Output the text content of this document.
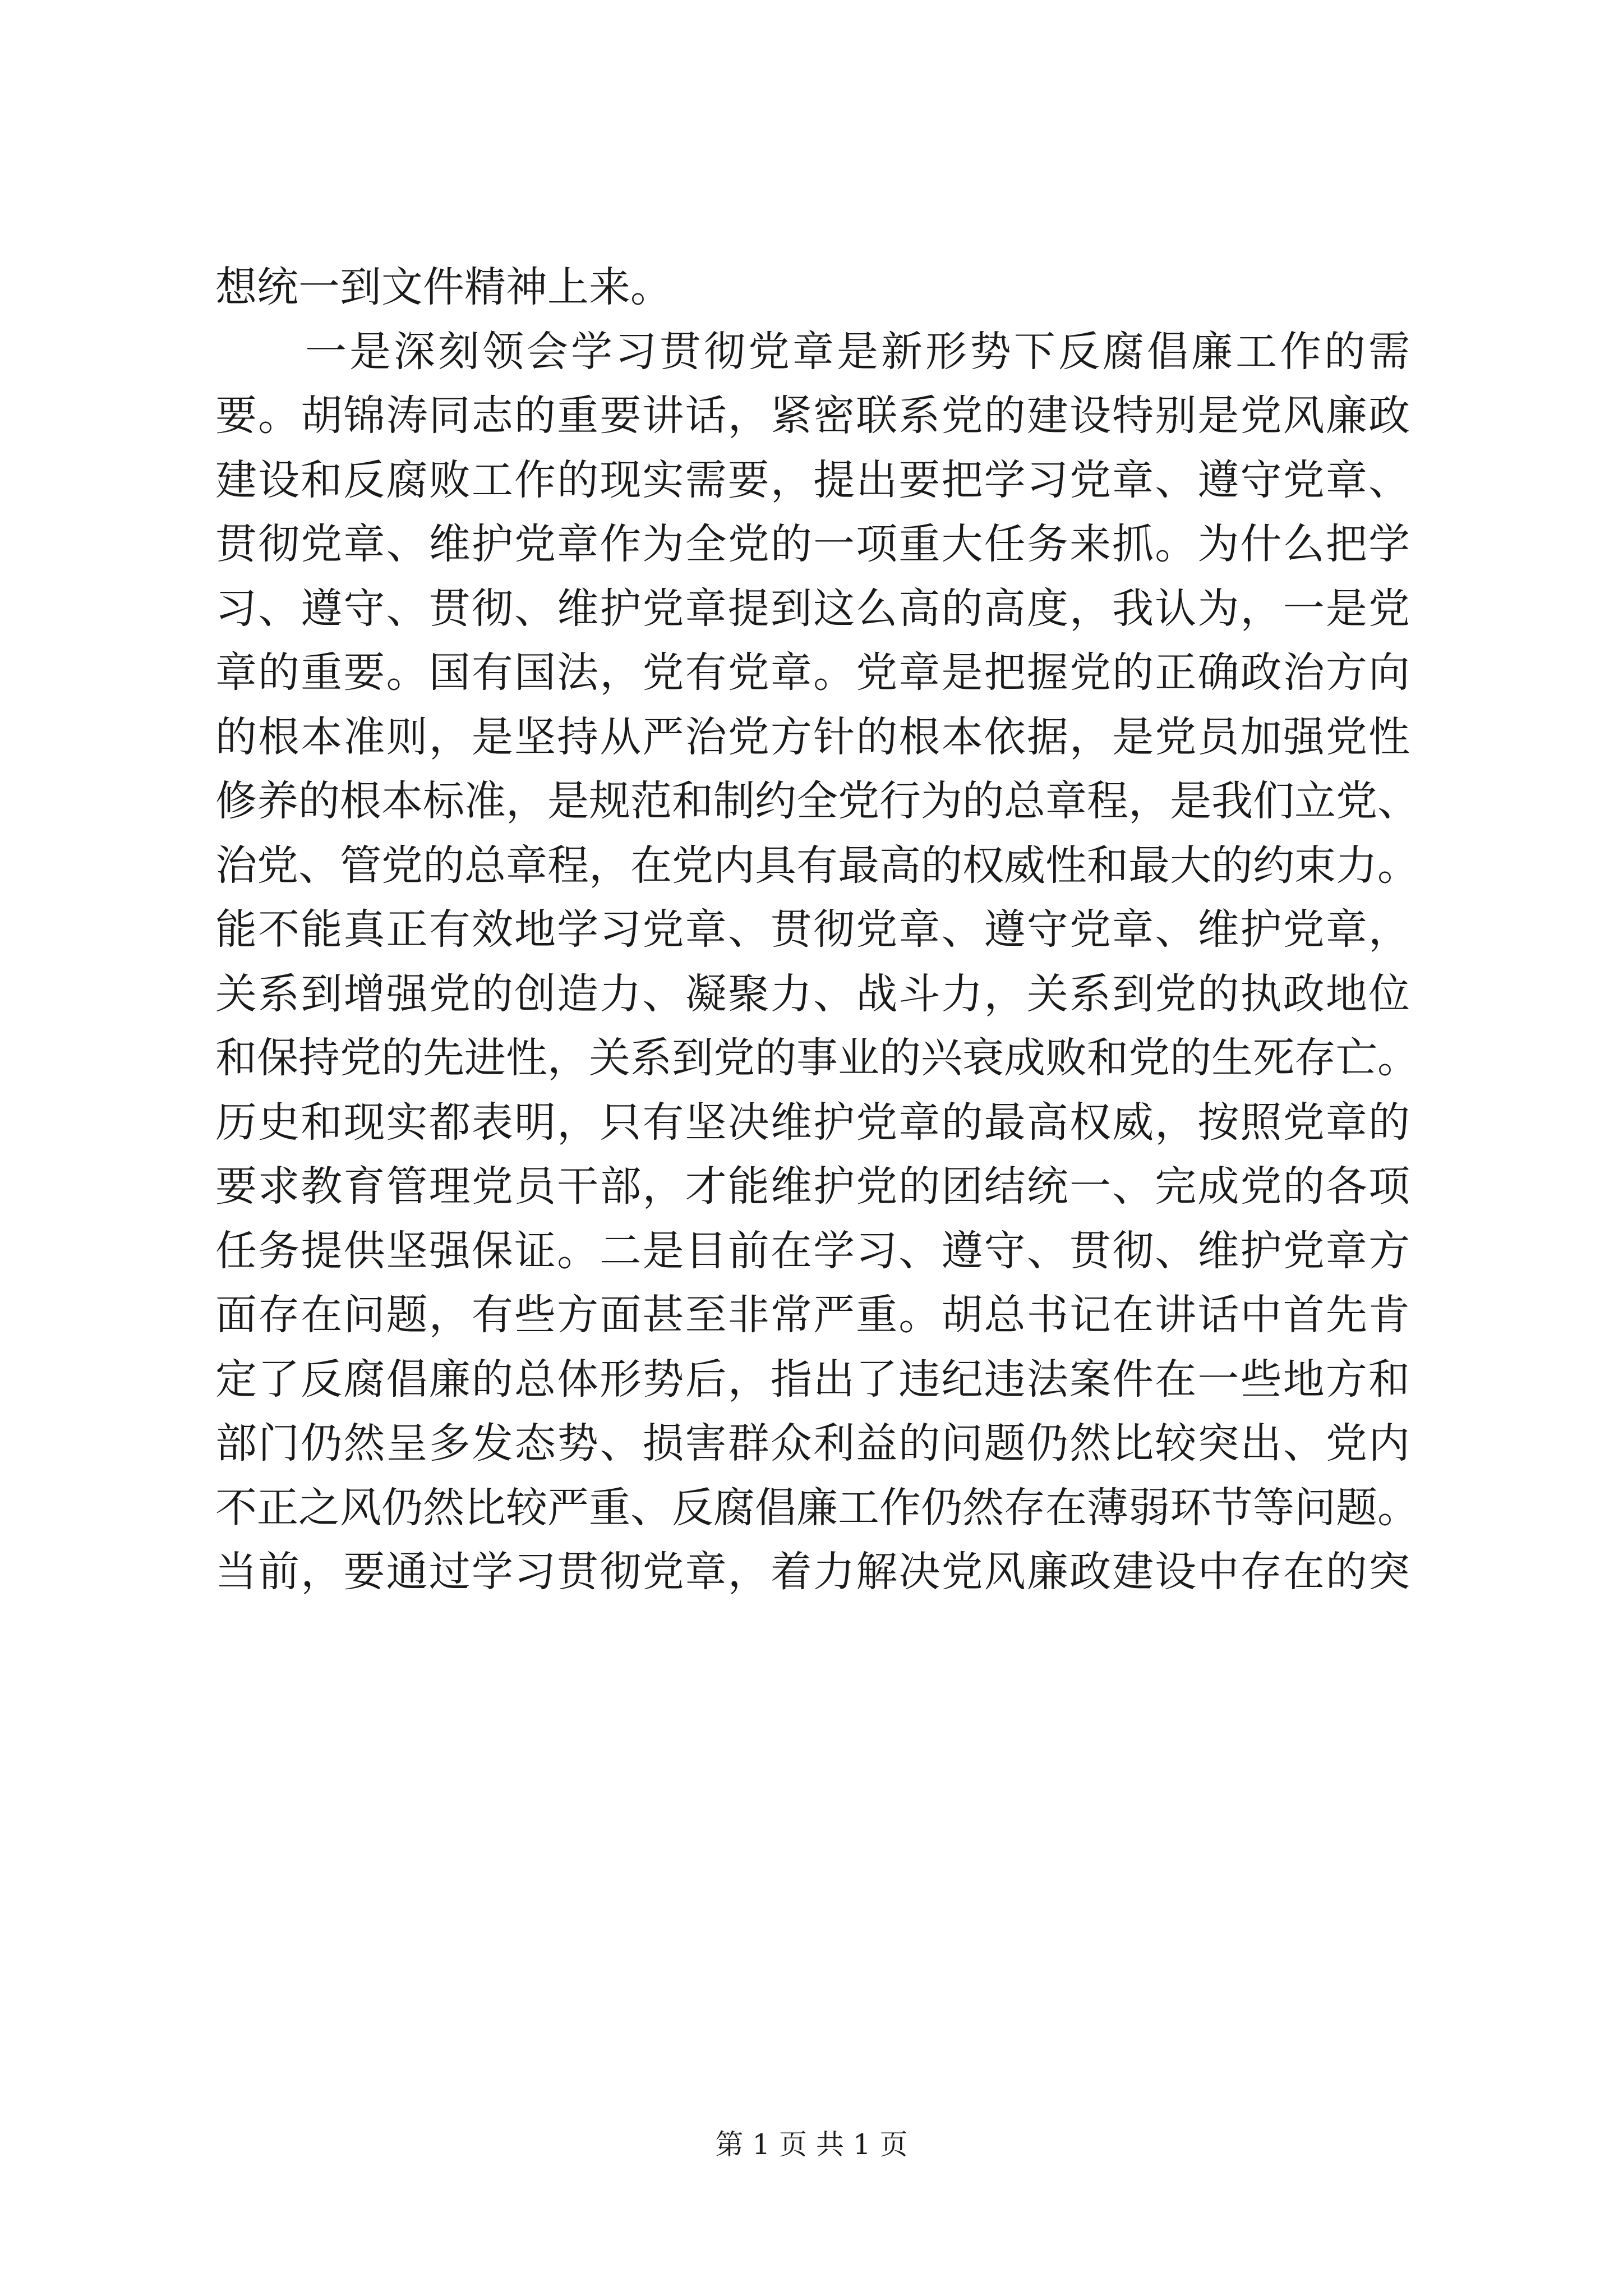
想统一到文件精神上来。
一是深刻领会学习贯彻党章是新形势下反腐倡廉工作的需
要。胡锦涛同志的重要讲话，紧密联系党的建设特别是党风廉政
建设和反腐败工作的现实需要，提出要把学习党章、遵守党章、
贯彻党章、维护党章作为全党的一项重大任务来抓。为什么把学
习、遵守、贯彻、维护党章提到这么高的高度，我认为，一是党
章的重要。国有国法，党有党章。党章是把握党的正确政治方向
的根本准则，是坚持从严治党方针的根本依据，是党员加强党性
修养的根本标准，是规范和制约全党行为的总章程，是我们立党、
治党、管党的总章程，在党内具有最高的权威性和最大的约束力。
能不能真正有效地学习党章、贯彻党章、遵守党章、维护党章，
关系到增强党的创造力、凝聚力、战斗力，关系到党的执政地位
和保持党的先进性，关系到党的事业的兴衰成败和党的生死存亡。
历史和现实都表明，只有坚决维护党章的最高权威，按照党章的
要求教育管理党员干部，才能维护党的团结统一、完成党的各项
任务提供坚强保证。二是目前在学习、遵守、贯彻、维护党章方
面存在问题，有些方面甚至非常严重。胡总书记在讲话中首先肯
定了反腐倡廉的总体形势后，指出了违纪违法案件在一些地方和
部门仍然呈多发态势、损害群众利益的问题仍然比较突出、党内
不正之风仍然比较严重、反腐倡廉工作仍然存在薄弱环节等问题。
当前，要通过学习贯彻党章，着力解决党风廉政建设中存在的突
第 1 页 共 1 页
